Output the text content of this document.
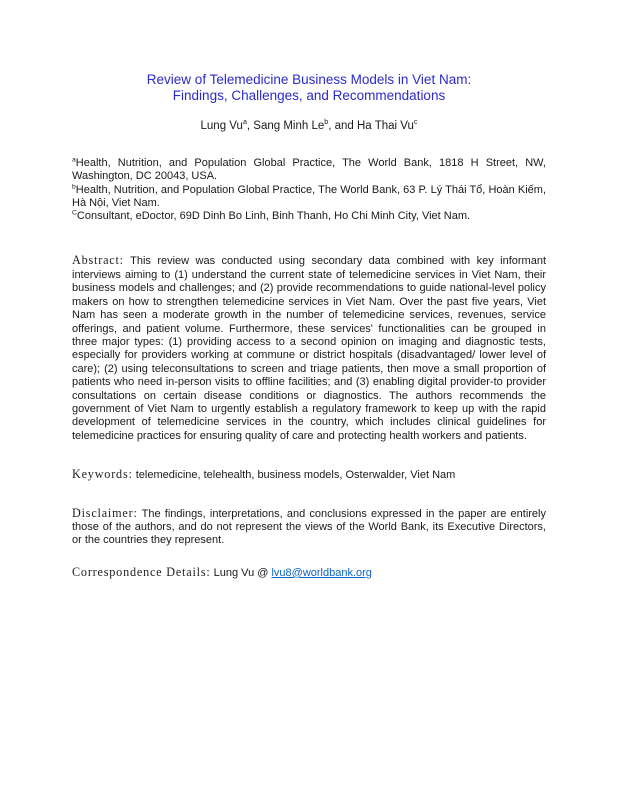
Review of Telemedicine Business Models in Viet Nam:
Findings, Challenges, and Recommendations

Lung Vu$^a$, Sang Minh Le$^b$, and Ha Thai Vu$^c$

$^a$Health, Nutrition, and Population Global Practice, The World Bank, 1818 H Street, NW, Washington, DC 20043, USA.

$^b$Health, Nutrition, and Population Global Practice, The World Bank, 63 P. Lý Thái Tổ, Hoàn Kiếm, Hà Nội, Viet Nam.

$^C$Consultant, eDoctor, 69D Dinh Bo Linh, Binh Thanh, Ho Chi Minh City, Viet Nam.

Abstract: This review was conducted using secondary data combined with key informant interviews aiming to (1) understand the current state of telemedicine services in Viet Nam, their business models and challenges; and (2) provide recommendations to guide national-level policy makers on how to strengthen telemedicine services in Viet Nam. Over the past five years, Viet Nam has seen a moderate growth in the number of telemedicine services, revenues, service offerings, and patient volume. Furthermore, these services' functionalities can be grouped in three major types: (1) providing access to a second opinion on imaging and diagnostic tests, especially for providers working at commune or district hospitals (disadvantaged/ lower level of care); (2) using teleconsultations to screen and triage patients, then move a small proportion of patients who need in-person visits to offline facilities; and (3) enabling digital provider-to provider consultations on certain disease conditions or diagnostics. The authors recommends the government of Viet Nam to urgently establish a regulatory framework to keep up with the rapid development of telemedicine services in the country, which includes clinical guidelines for telemedicine practices for ensuring quality of care and protecting health workers and patients.

Keywords: telemedicine, telehealth, business models, Osterwalder, Viet Nam

Disclaimer: The findings, interpretations, and conclusions expressed in the paper are entirely those of the authors, and do not represent the views of the World Bank, its Executive Directors, or the countries they represent.

Correspondence Details: Lung Vu @ lvu8@worldbank.org
